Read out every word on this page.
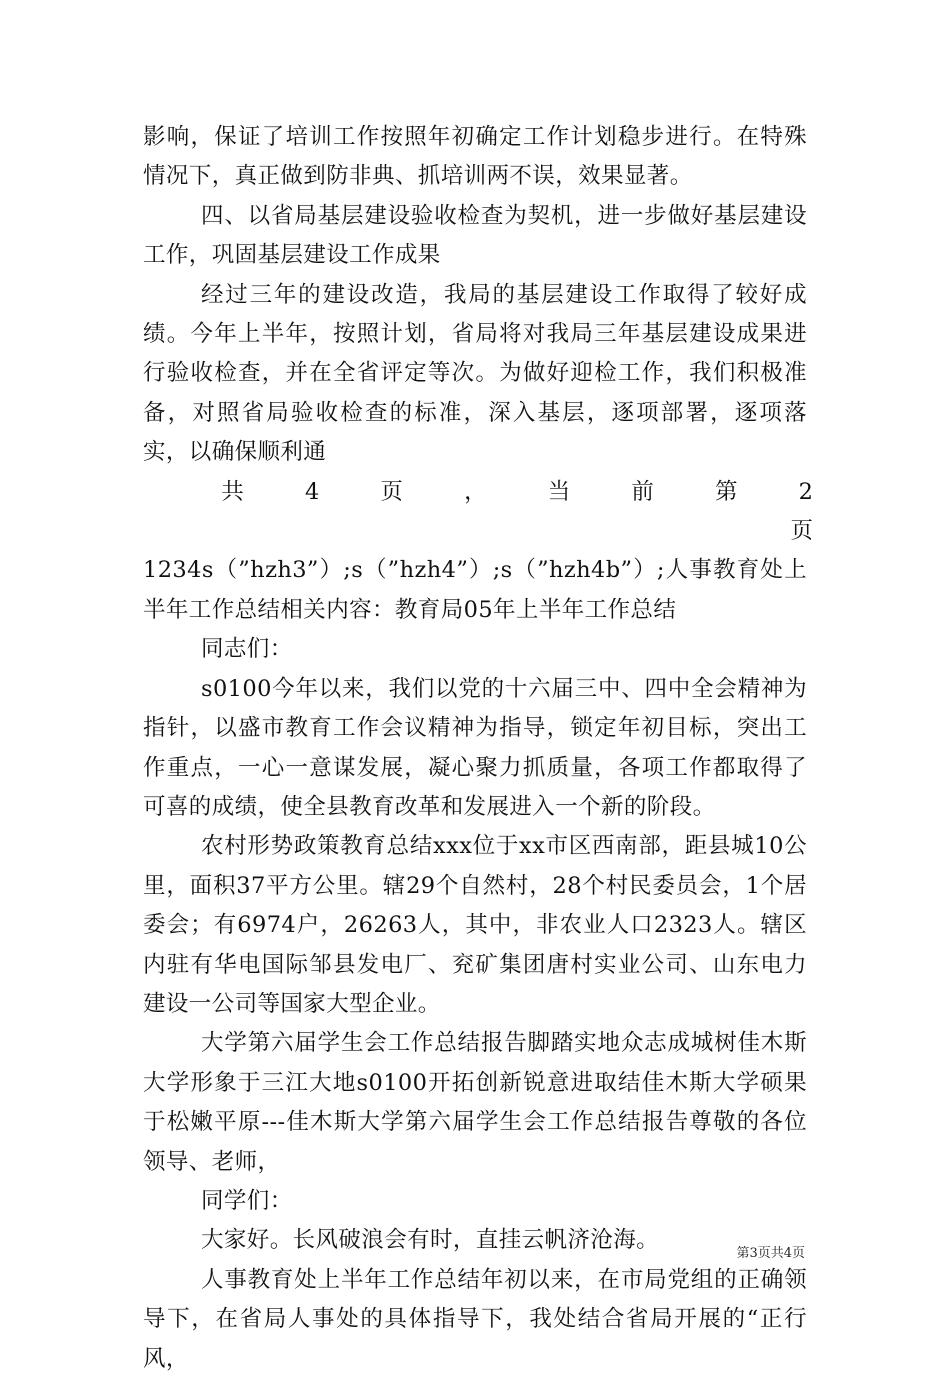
影响，保证了培训工作按照年初确定工作计划稳步进行。在特殊情况下，真正做到防非典、抓培训两不误，效果显著。

四、以省局基层建设验收检查为契机，进一步做好基层建设工作，巩固基层建设工作成果

经过三年的建设改造，我局的基层建设工作取得了较好成绩。今年上半年，按照计划，省局将对我局三年基层建设成果进行验收检查，并在全省评定等次。为做好迎检工作，我们积极准备，对照省局验收检查的标准，深入基层，逐项部署，逐项落实，以确保顺利通

共 4 页 ， 当 前 第 2 页

1234s（”hzh3”）;s（”hzh4”）;s（”hzh4b”）;人事教育处上半年工作总结相关内容：教育局05年上半年工作总结

同志们：

s0100今年以来，我们以党的十六届三中、四中全会精神为指针，以盛市教育工作会议精神为指导，锁定年初目标，突出工作重点，一心一意谋发展，凝心聚力抓质量，各项工作都取得了可喜的成绩，使全县教育改革和发展进入一个新的阶段。

农村形势政策教育总结xxx位于xx市区西南部，距县城10公里，面积37平方公里。辖29个自然村，28个村民委员会，1个居委会；有6974户，26263人，其中，非农业人口2323人。辖区内驻有华电国际邹县发电厂、兖矿集团唐村实业公司、山东电力建设一公司等国家大型企业。

大学第六届学生会工作总结报告脚踏实地众志成城树佳木斯大学形象于三江大地s0100开拓创新锐意进取结佳木斯大学硕果于松嫩平原---佳木斯大学第六届学生会工作总结报告尊敬的各位领导、老师，

同学们：

大家好。长风破浪会有时，直挂云帆济沧海。

人事教育处上半年工作总结年初以来，在市局党组的正确领导下，在省局人事处的具体指导下，我处结合省局开展的“正行风，

第3页共4页
